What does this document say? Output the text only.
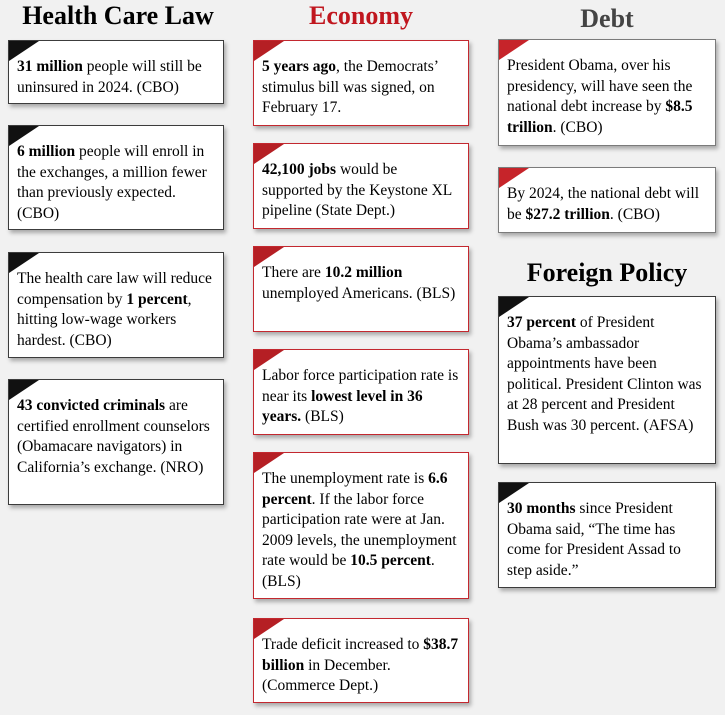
Health Care Law	Economy	Debt
Foreign Policy
31 million people will still be uninsured in 2024. (CBO)
6 million people will enroll in the exchanges, a million fewer than previously expected. (CBO)
The health care law will reduce compensation by 1 percent, hitting low-wage workers hardest. (CBO)
43 convicted criminals are certified enrollment counselors (Obamacare navigators) in California’s exchange. (NRO)
5 years ago, the Democrats’ stimulus bill was signed, on February 17.
42,100 jobs would be supported by the Keystone XL pipeline (State Dept.)
There are 10.2 million unemployed Americans. (BLS)
Labor force participation rate is near its lowest level in 36 years. (BLS)
The unemployment rate is 6.6 percent. If the labor force participation rate were at Jan. 2009 levels, the unemployment rate would be 10.5 percent. (BLS)
Trade deficit increased to $38.7 billion in December. (Commerce Dept.)
President Obama, over his presidency, will have seen the national debt increase by $8.5 trillion. (CBO)
By 2024, the national debt will be $27.2 trillion. (CBO)
37 percent of President Obama’s ambassador appointments have been political. President Clinton was at 28 percent and President Bush was 30 percent. (AFSA)
30 months since President Obama said, “The time has come for President Assad to step aside.”
